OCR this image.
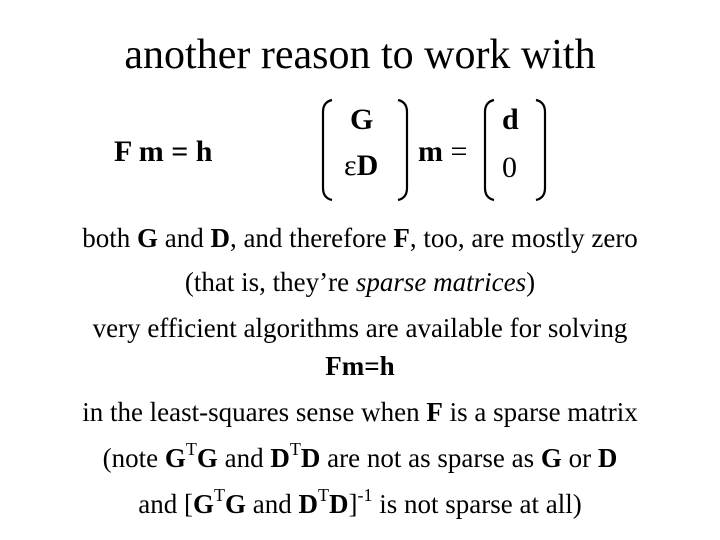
another reason to work with
F m = h
G
εD m =
d
0
both G and D, and therefore F, too, are mostly zero
(that is, they’re sparse matrices)
very efficient algorithms are available for solving
Fm=h
in the least-squares sense when F is a sparse matrix
(note $G^TG$ and $D^TD$ are not as sparse as G or D
and [$G^TG$ and $D^TD]^{-1}$ is not sparse at all)
